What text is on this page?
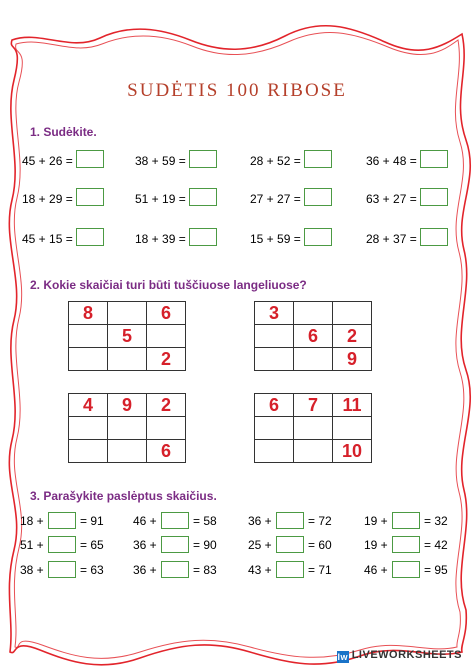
SUDĖTIS 100 RIBOSE
1. Sudėkite.
45 + 26 =	38 + 59 =	28 + 52 =	36 + 48 =
18 + 29 =	51 + 19 =	27 + 27 =	63 + 27 =
45 + 15 =	18 + 39 =	15 + 59 =	28 + 37 =
2. Kokie skaičiai turi būti tuščiuose langeliuose?
8		6
	5	
		2
3		
	6	2
		9
4	9	2

		6
6	7	11

		10
3. Parašykite paslėptus skaičius.
18 +	= 91 46 +	= 58	36 +	= 72	19 +	= 32
51 +	= 65 36 +	= 90	25 +	= 60	19 +	= 42
38 +	= 63 36 +	= 83	43 +	= 71	46 +	= 95
lw LIVEWORKSHEETS
